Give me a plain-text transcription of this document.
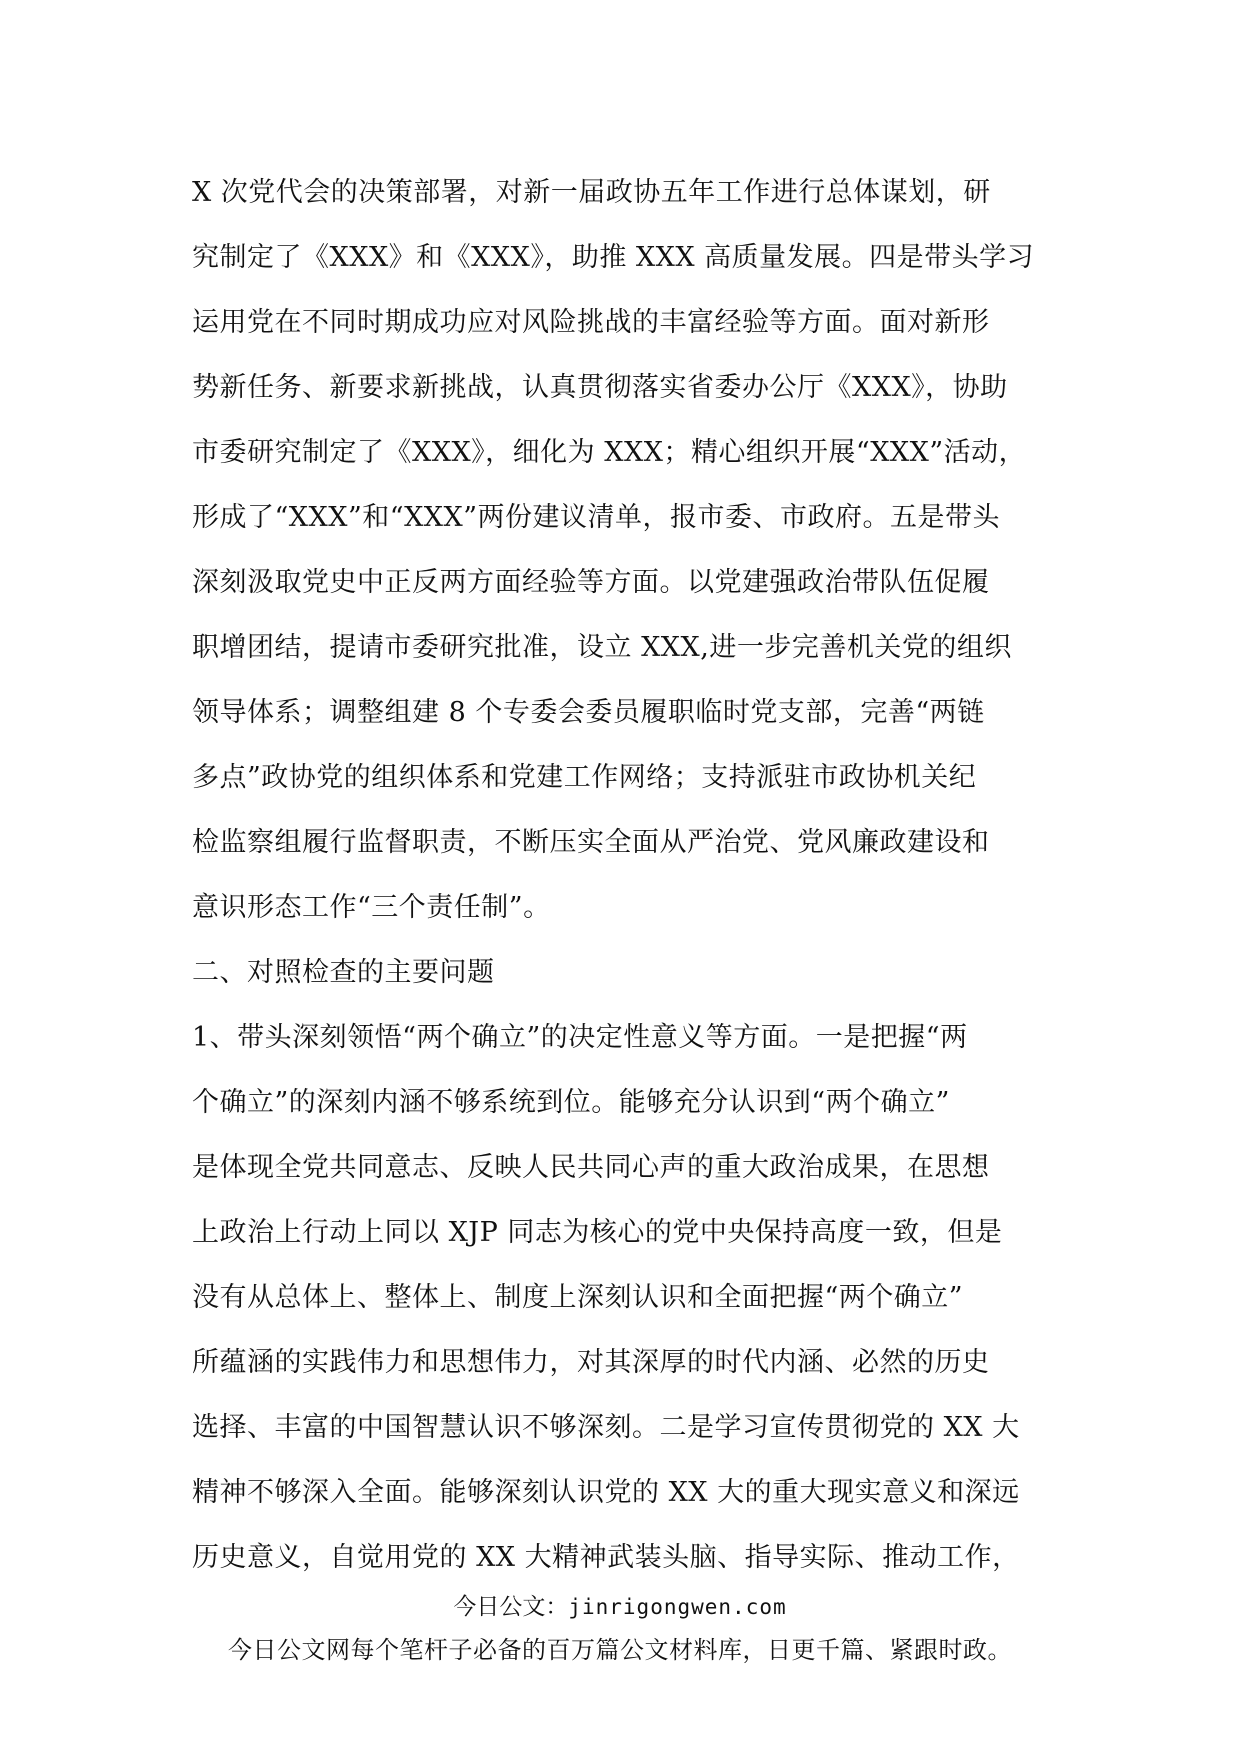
X 次党代会的决策部署，对新一届政协五年工作进行总体谋划，研
究制定了《XXX》和《XXX》，助推 XXX 高质量发展。四是带头学习
运用党在不同时期成功应对风险挑战的丰富经验等方面。面对新形
势新任务、新要求新挑战，认真贯彻落实省委办公厅《XXX》，协助
市委研究制定了《XXX》，细化为 XXX；精心组织开展“XXX”活动，
形成了“XXX”和“XXX”两份建议清单，报市委、市政府。五是带头
深刻汲取党史中正反两方面经验等方面。以党建强政治带队伍促履
职增团结，提请市委研究批准，设立 XXX,进一步完善机关党的组织
领导体系；调整组建 8 个专委会委员履职临时党支部，完善“两链
多点”政协党的组织体系和党建工作网络；支持派驻市政协机关纪
检监察组履行监督职责，不断压实全面从严治党、党风廉政建设和
意识形态工作“三个责任制”。
二、对照检查的主要问题
1、带头深刻领悟“两个确立”的决定性意义等方面。一是把握“两
个确立”的深刻内涵不够系统到位。能够充分认识到“两个确立”
是体现全党共同意志、反映人民共同心声的重大政治成果，在思想
上政治上行动上同以 XJP 同志为核心的党中央保持高度一致，但是
没有从总体上、整体上、制度上深刻认识和全面把握“两个确立”
所蕴涵的实践伟力和思想伟力，对其深厚的时代内涵、必然的历史
选择、丰富的中国智慧认识不够深刻。二是学习宣传贯彻党的 XX 大
精神不够深入全面。能够深刻认识党的 XX 大的重大现实意义和深远
历史意义，自觉用党的 XX 大精神武装头脑、指导实际、推动工作，
今日公文：jinrigongwen.com
今日公文网每个笔杆子必备的百万篇公文材料库，日更千篇、紧跟时政。
